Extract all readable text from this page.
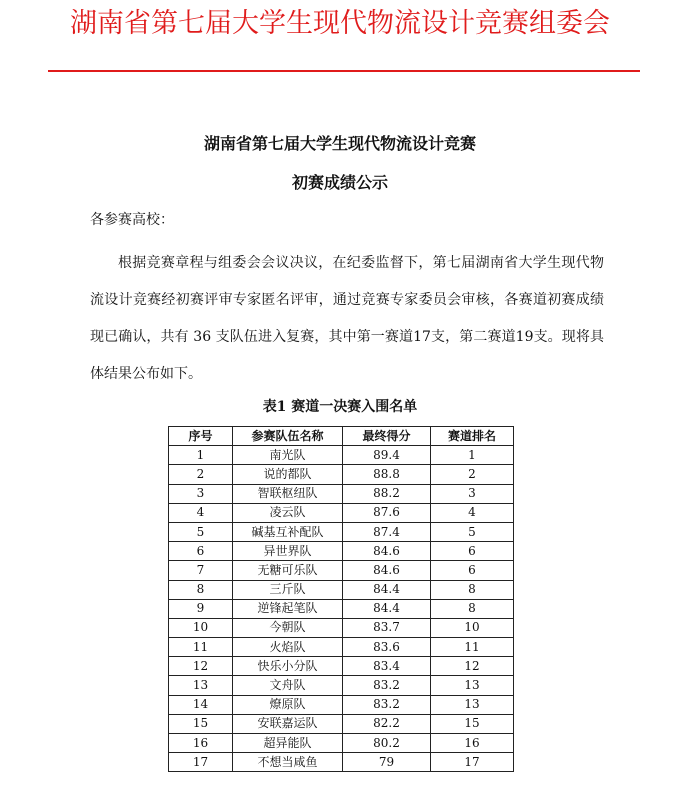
湖南省第七届大学生现代物流设计竞赛组委会
湖南省第七届大学生现代物流设计竞赛
初赛成绩公示
各参赛高校：
根据竞赛章程与组委会会议决议，在纪委监督下，第七届湖南省大学生现代物流设计竞赛经初赛评审专家匿名评审，通过竞赛专家委员会审核，各赛道初赛成绩现已确认，共有 36 支队伍进入复赛，其中第一赛道17支，第二赛道19支。现将具体结果公布如下。
表1 赛道一决赛入围名单
序号	参赛队伍名称	最终得分	赛道排名
1	南光队	89.4	1
2	说的都队	88.8	2
3	智联枢纽队	88.2	3
4	凌云队	87.6	4
5	碱基互补配队	87.4	5
6	异世界队	84.6	6
7	无糖可乐队	84.6	6
8	三斤队	84.4	8
9	逆锋起笔队	84.4	8
10	今朝队	83.7	10
11	火焰队	83.6	11
12	快乐小分队	83.4	12
13	文舟队	83.2	13
14	燎原队	83.2	13
15	安联嘉运队	82.2	15
16	超异能队	80.2	16
17	不想当咸鱼	79	17
